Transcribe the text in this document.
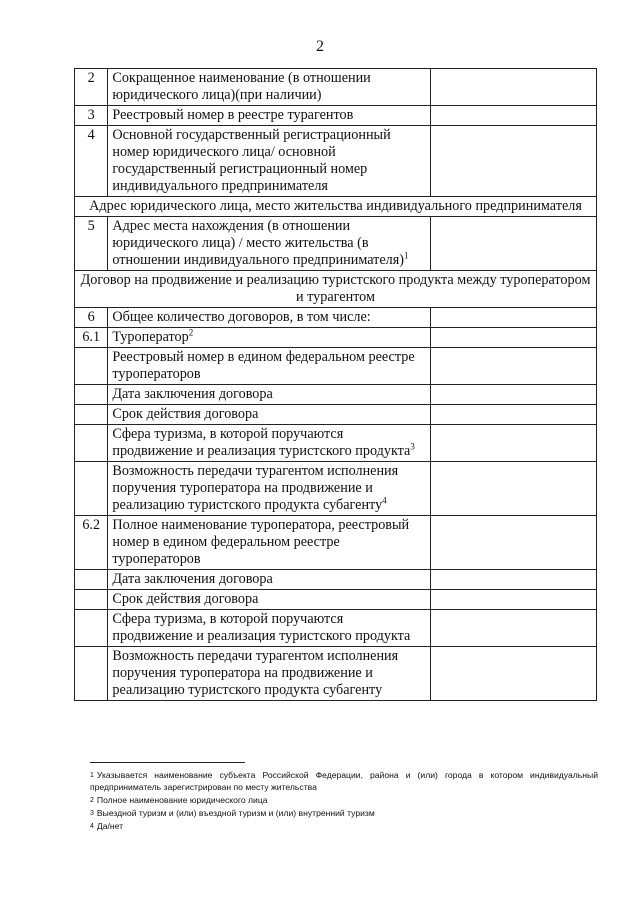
2
2	Сокращенное наименование (в отношении юридического лица)(при наличии)	
3	Реестровый номер в реестре турагентов	
4	Основной государственный регистрационный номер юридического лица/ основной государственный регистрационный номер индивидуального предпринимателя	
Адрес юридического лица, место жительства индивидуального предпринимателя		
5	Адрес места нахождения (в отношении юридического лица) / место жительства (в отношении индивидуального предпринимателя)$^1$	
Договор на продвижение и реализацию туристского продукта между туроператором и турагентом		
6	Общее количество договоров, в том числе:	
6.1	Туроператор$^2$	
	Реестровый номер в едином федеральном реестре туроператоров	
	Дата заключения договора	
	Срок действия договора	
	Сфера туризма, в которой поручаются продвижение и реализация туристского продукта$^3$	
	Возможность передачи турагентом исполнения поручения туроператора на продвижение и реализацию туристского продукта субагенту$^4$	
6.2	Полное наименование туроператора, реестровый номер в едином федеральном реестре туроператоров	
	Дата заключения договора	
	Срок действия договора	
	Сфера туризма, в которой поручаются продвижение и реализация туристского продукта	
	Возможность передачи турагентом исполнения поручения туроператора на продвижение и реализацию туристского продукта субагенту	

$^1$ Указывается наименование субъекта Российской Федерации, района и (или) города в котором индивидуальный предприниматель зарегистрирован по месту жительства

$^2$ Полное наименование юридического лица

$^3$ Выездной туризм и (или) въездной туризм и (или) внутренний туризм

$^4$ Да/нет
